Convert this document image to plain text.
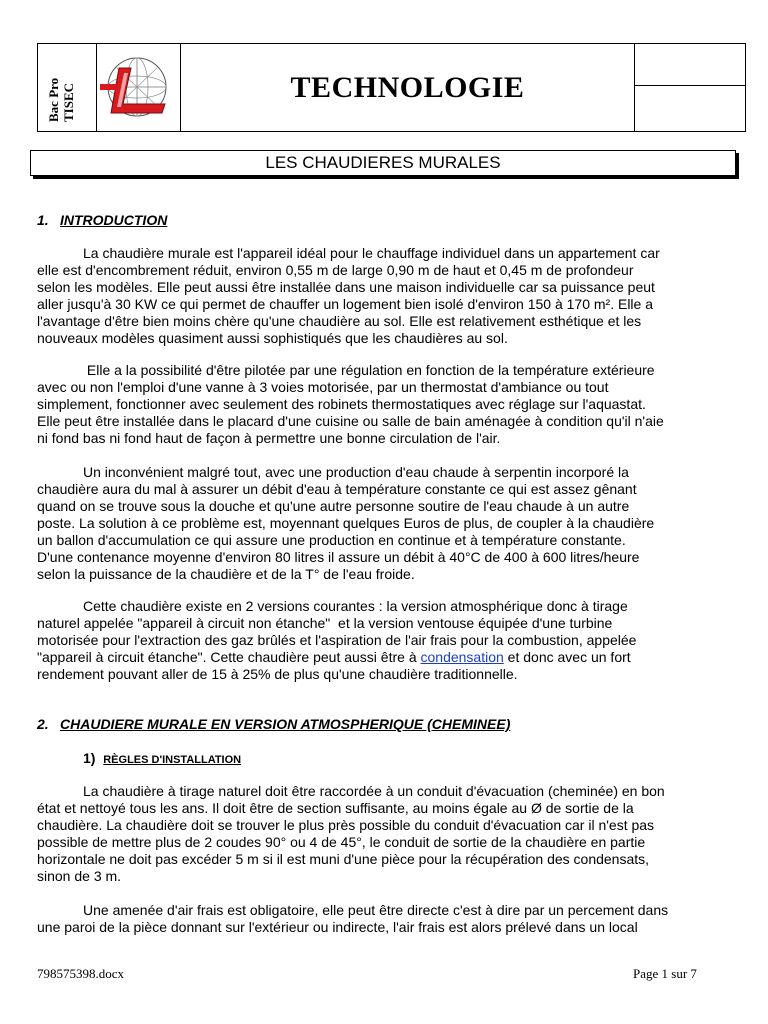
Bac Pro TISEC	TECHNOLOGIE
LES CHAUDIERES MURALES
1. INTRODUCTION
La chaudière murale est l'appareil idéal pour le chauffage individuel dans un appartement car
elle est d'encombrement réduit, environ 0,55 m de large 0,90 m de haut et 0,45 m de profondeur
selon les modèles. Elle peut aussi être installée dans une maison individuelle car sa puissance peut
aller jusqu'à 30 KW ce qui permet de chauffer un logement bien isolé d'environ 150 à 170 m². Elle a
l'avantage d'être bien moins chère qu'une chaudière au sol. Elle est relativement esthétique et les
nouveaux modèles quasiment aussi sophistiqués que les chaudières au sol.
Elle a la possibilité d'être pilotée par une régulation en fonction de la température extérieure
avec ou non l'emploi d'une vanne à 3 voies motorisée, par un thermostat d'ambiance ou tout
simplement, fonctionner avec seulement des robinets thermostatiques avec réglage sur l'aquastat.
Elle peut être installée dans le placard d'une cuisine ou salle de bain aménagée à condition qu'il n'aie
ni fond bas ni fond haut de façon à permettre une bonne circulation de l'air.
Un inconvénient malgré tout, avec une production d'eau chaude à serpentin incorporé la
chaudière aura du mal à assurer un débit d'eau à température constante ce qui est assez gênant
quand on se trouve sous la douche et qu'une autre personne soutire de l'eau chaude à un autre
poste. La solution à ce problème est, moyennant quelques Euros de plus, de coupler à la chaudière
un ballon d'accumulation ce qui assure une production en continue et à température constante.
D'une contenance moyenne d'environ 80 litres il assure un débit à 40°C de 400 à 600 litres/heure
selon la puissance de la chaudière et de la T° de l'eau froide.
Cette chaudière existe en 2 versions courantes : la version atmosphérique donc à tirage
naturel appelée "appareil à circuit non étanche"  et la version ventouse équipée d'une turbine
motorisée pour l'extraction des gaz brûlés et l'aspiration de l'air frais pour la combustion, appelée
"appareil à circuit étanche". Cette chaudière peut aussi être à condensation et donc avec un fort
rendement pouvant aller de 15 à 25% de plus qu'une chaudière traditionnelle.
2. CHAUDIERE MURALE EN VERSION ATMOSPHERIQUE (CHEMINEE)
1) RÈGLES D'INSTALLATION
La chaudière à tirage naturel doit être raccordée à un conduit d'évacuation (cheminée) en bon
état et nettoyé tous les ans. Il doit être de section suffisante, au moins égale au Ø de sortie de la
chaudière. La chaudière doit se trouver le plus près possible du conduit d'évacuation car il n'est pas
possible de mettre plus de 2 coudes 90° ou 4 de 45°, le conduit de sortie de la chaudière en partie
horizontale ne doit pas excéder 5 m si il est muni d'une pièce pour la récupération des condensats,
sinon de 3 m.
Une amenée d'air frais est obligatoire, elle peut être directe c'est à dire par un percement dans
une paroi de la pièce donnant sur l'extérieur ou indirecte, l'air frais est alors prélevé dans un local
798575398.docx	Page 1 sur 7
